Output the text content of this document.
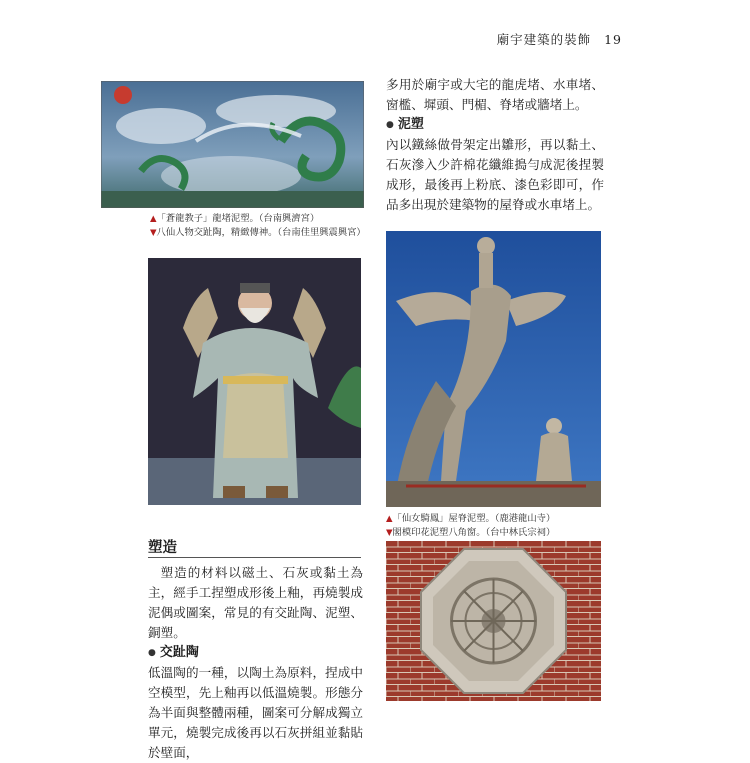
廟宇建築的裝飾 19
▲「蒼龍教子」龍堵泥塑。（台南興濟宮）
▼八仙人物交趾陶，精緻傳神。（台南佳里興震興宮）
多用於廟宇或大宅的龍虎堵、水車堵、窗檻、墀頭、門楣、脊堵或牆堵上。
● 泥塑
內以鐵絲做骨架定出雛形，再以黏土、石灰滲入少許棉花纖維搗勻成泥後捏製成形，最後再上粉底、漆色彩即可，作品多出現於建築物的屋脊或水車堵上。
▲「仙女騎鳳」屋脊泥塑。（鹿港龍山寺）
▼閣模印花泥塑八角窗。（台中林氏宗祠）
塑造
塑造的材料以磁土、石灰或黏土為主，經手工捏塑成形後上釉，再燒製成泥偶或圖案，常見的有交趾陶、泥塑、銅塑。
● 交趾陶
低溫陶的一種，以陶土為原料，捏成中空模型，先上釉再以低溫燒製。形態分為半面與整體兩種，圖案可分解成獨立單元，燒製完成後再以石灰拼組並黏貼於壁面，
